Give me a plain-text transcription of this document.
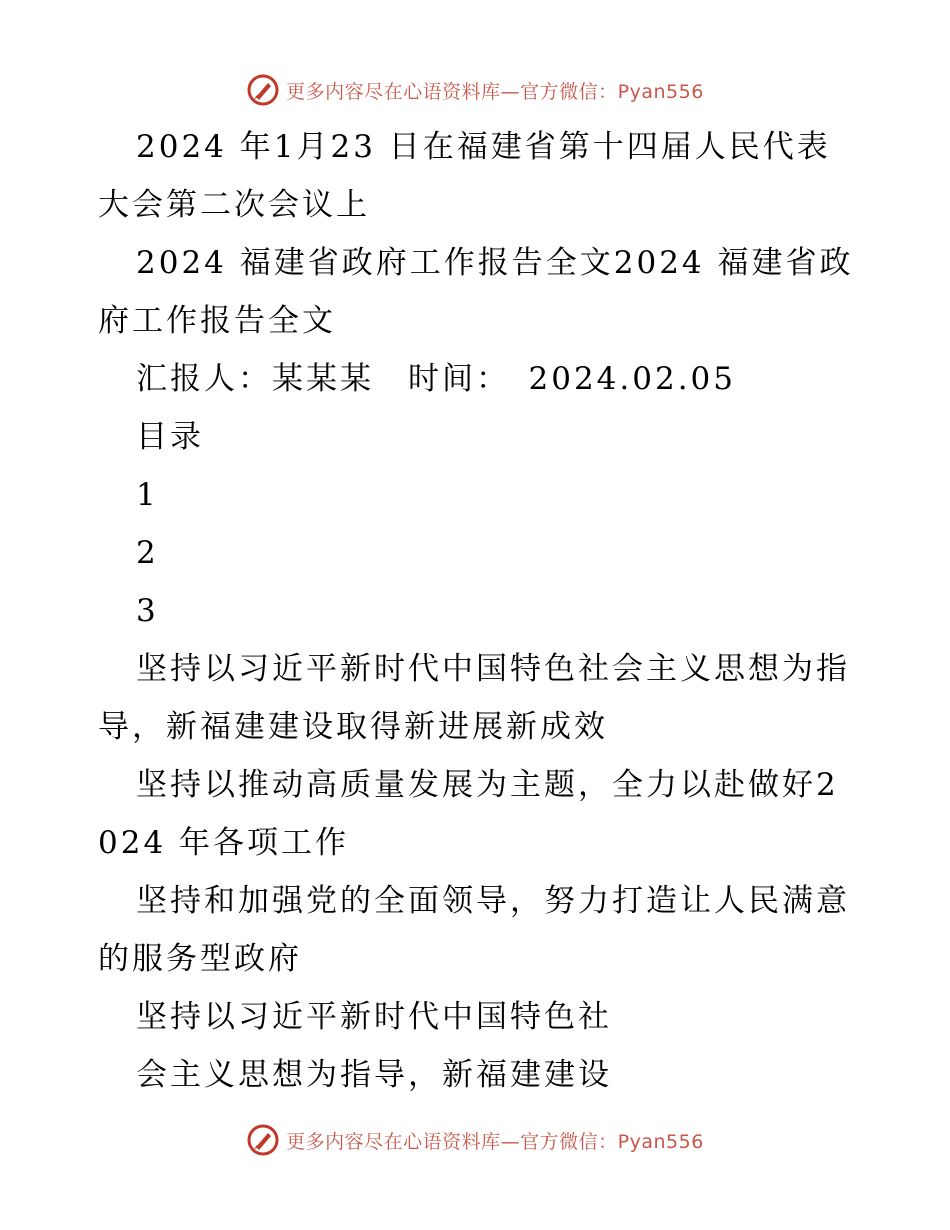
更多内容尽在心语资料库—官方微信：Pyan556

2024 年1月23 日在福建省第十四届人民代表大会第二次会议上

2024 福建省政府工作报告全文2024 福建省政府工作报告全文

汇报人：某某某　时间：　2024.02.05

目录

1

2

3

坚持以习近平新时代中国特色社会主义思想为指导，新福建建设取得新进展新成效

坚持以推动高质量发展为主题，全力以赴做好2024 年各项工作

坚持和加强党的全面领导，努力打造让人民满意的服务型政府

坚持以习近平新时代中国特色社

会主义思想为指导，新福建建设

更多内容尽在心语资料库—官方微信：Pyan556
